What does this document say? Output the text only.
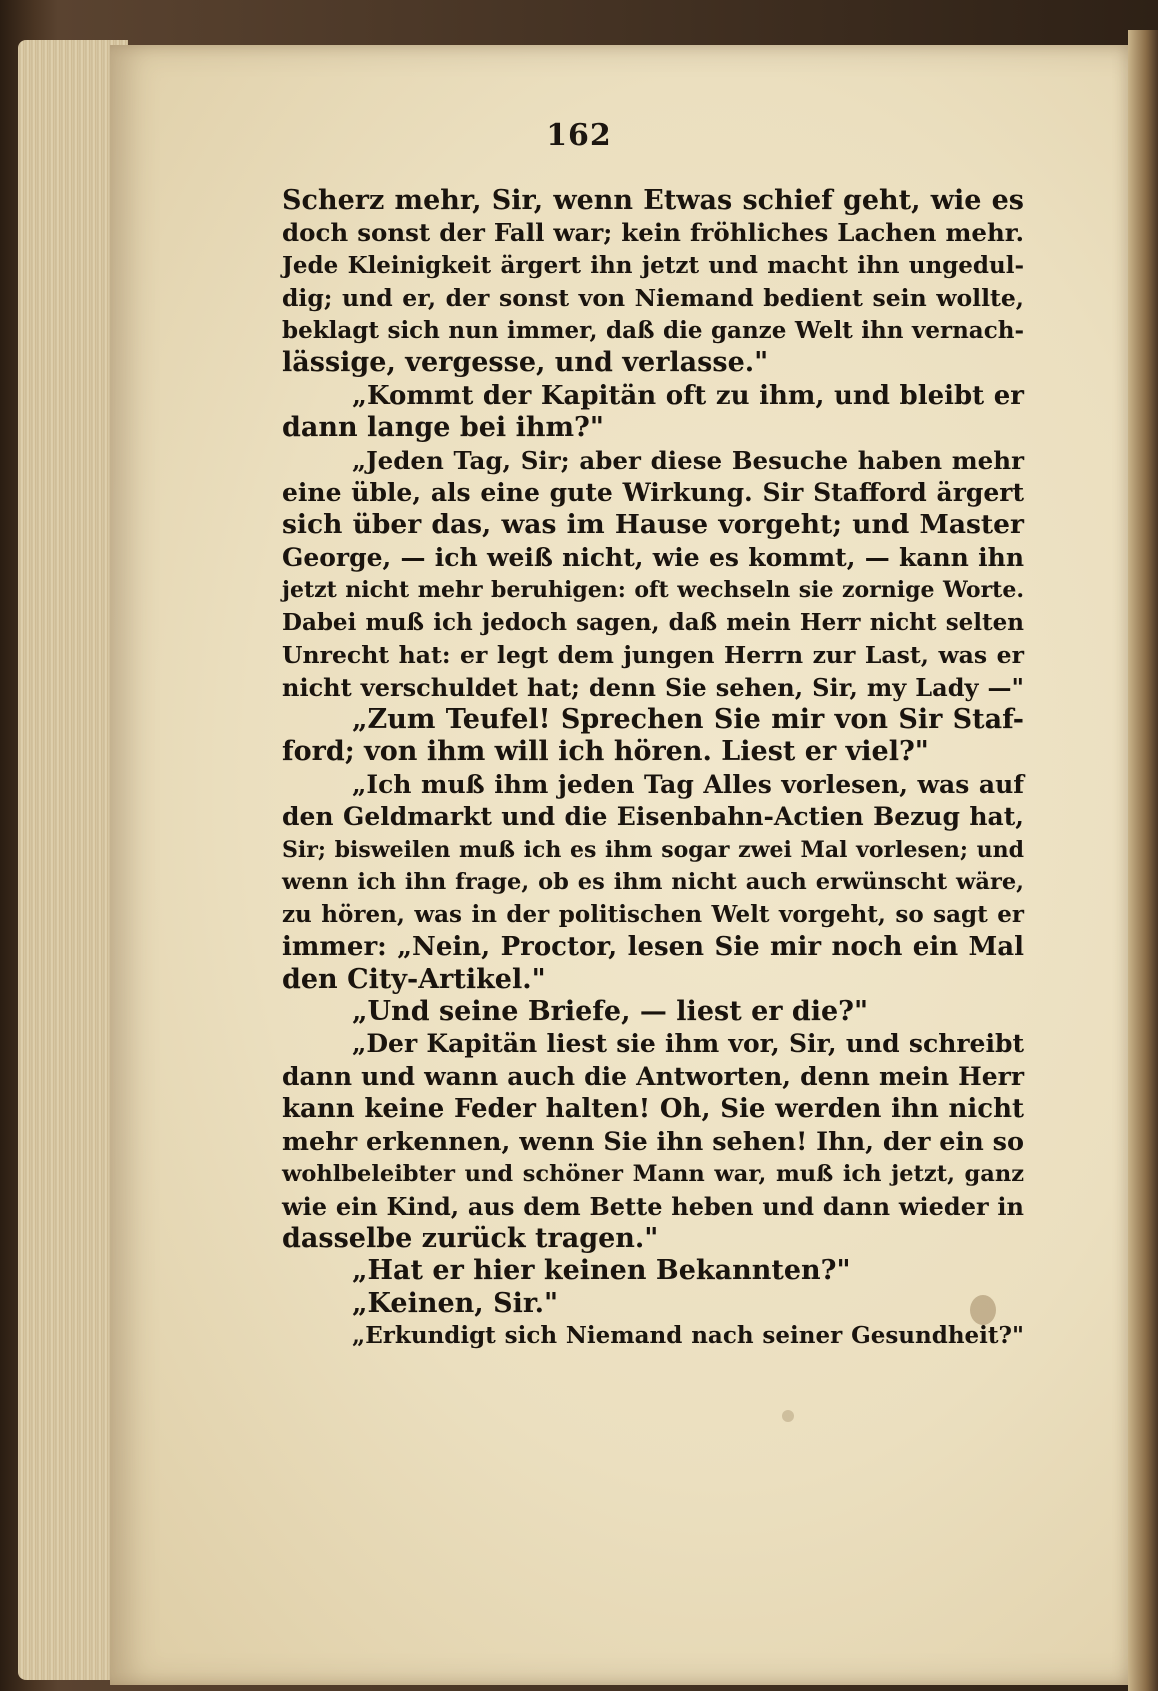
162
Scherz mehr, Sir, wenn Etwas schief geht, wie es
doch sonst der Fall war; kein fröhliches Lachen mehr.
Jede Kleinigkeit ärgert ihn jetzt und macht ihn ungedul-
dig; und er, der sonst von Niemand bedient sein wollte,
beklagt sich nun immer, daß die ganze Welt ihn vernach-
lässige, vergesse, und verlasse."
„Kommt der Kapitän oft zu ihm, und bleibt er
dann lange bei ihm?"
„Jeden Tag, Sir; aber diese Besuche haben mehr
eine üble, als eine gute Wirkung. Sir Stafford ärgert
sich über das, was im Hause vorgeht; und Master
George, — ich weiß nicht, wie es kommt, — kann ihn
jetzt nicht mehr beruhigen: oft wechseln sie zornige Worte.
Dabei muß ich jedoch sagen, daß mein Herr nicht selten
Unrecht hat: er legt dem jungen Herrn zur Last, was er
nicht verschuldet hat; denn Sie sehen, Sir, my Lady —"
„Zum Teufel! Sprechen Sie mir von Sir Staf-
ford; von ihm will ich hören. Liest er viel?"
„Ich muß ihm jeden Tag Alles vorlesen, was auf
den Geldmarkt und die Eisenbahn-Actien Bezug hat,
Sir; bisweilen muß ich es ihm sogar zwei Mal vorlesen; und
wenn ich ihn frage, ob es ihm nicht auch erwünscht wäre,
zu hören, was in der politischen Welt vorgeht, so sagt er
immer: „Nein, Proctor, lesen Sie mir noch ein Mal
den City-Artikel."
„Und seine Briefe, — liest er die?"
„Der Kapitän liest sie ihm vor, Sir, und schreibt
dann und wann auch die Antworten, denn mein Herr
kann keine Feder halten! Oh, Sie werden ihn nicht
mehr erkennen, wenn Sie ihn sehen! Ihn, der ein so
wohlbeleibter und schöner Mann war, muß ich jetzt, ganz
wie ein Kind, aus dem Bette heben und dann wieder in
dasselbe zurück tragen."
„Hat er hier keinen Bekannten?"
„Keinen, Sir."
„Erkundigt sich Niemand nach seiner Gesundheit?"
